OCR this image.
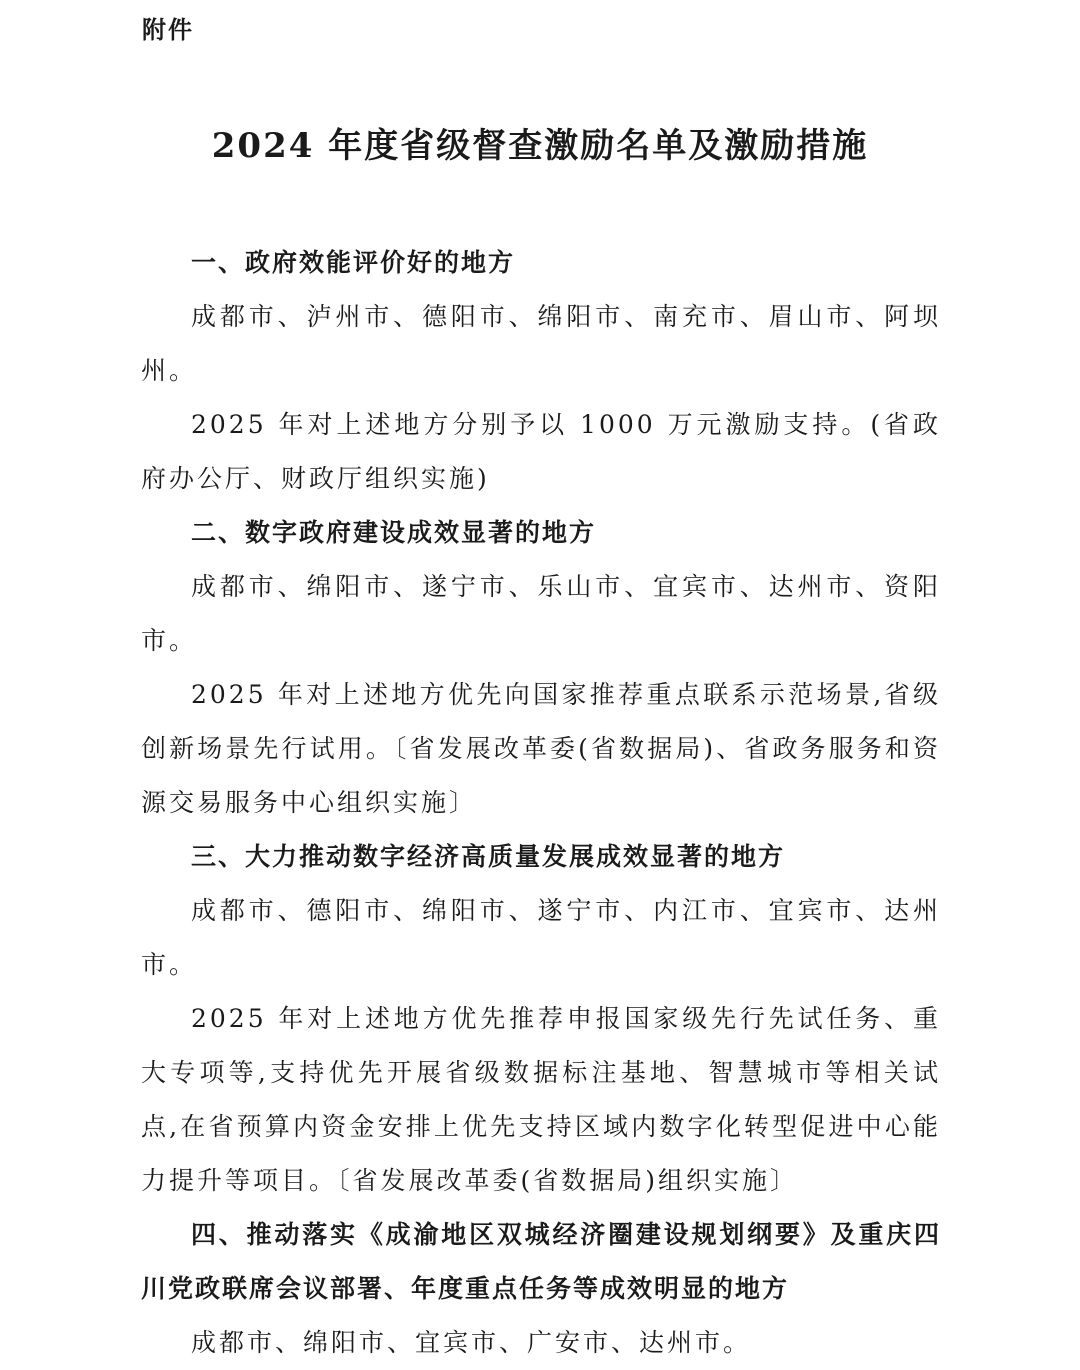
附件
2024 年度省级督查激励名单及激励措施
一、政府效能评价好的地方

成都市、泸州市、德阳市、绵阳市、南充市、眉山市、阿坝州。

2025 年对上述地方分别予以 1000 万元激励支持。(省政府办公厅、财政厅组织实施)

二、数字政府建设成效显著的地方

成都市、绵阳市、遂宁市、乐山市、宜宾市、达州市、资阳市。

2025 年对上述地方优先向国家推荐重点联系示范场景,省级创新场景先行试用。〔省发展改革委(省数据局)、省政务服务和资源交易服务中心组织实施〕

三、大力推动数字经济高质量发展成效显著的地方

成都市、德阳市、绵阳市、遂宁市、内江市、宜宾市、达州市。

2025 年对上述地方优先推荐申报国家级先行先试任务、重大专项等,支持优先开展省级数据标注基地、智慧城市等相关试点,在省预算内资金安排上优先支持区域内数字化转型促进中心能力提升等项目。〔省发展改革委(省数据局)组织实施〕

四、推动落实《成渝地区双城经济圈建设规划纲要》及重庆四川党政联席会议部署、年度重点任务等成效明显的地方

成都市、绵阳市、宜宾市、广安市、达州市。
